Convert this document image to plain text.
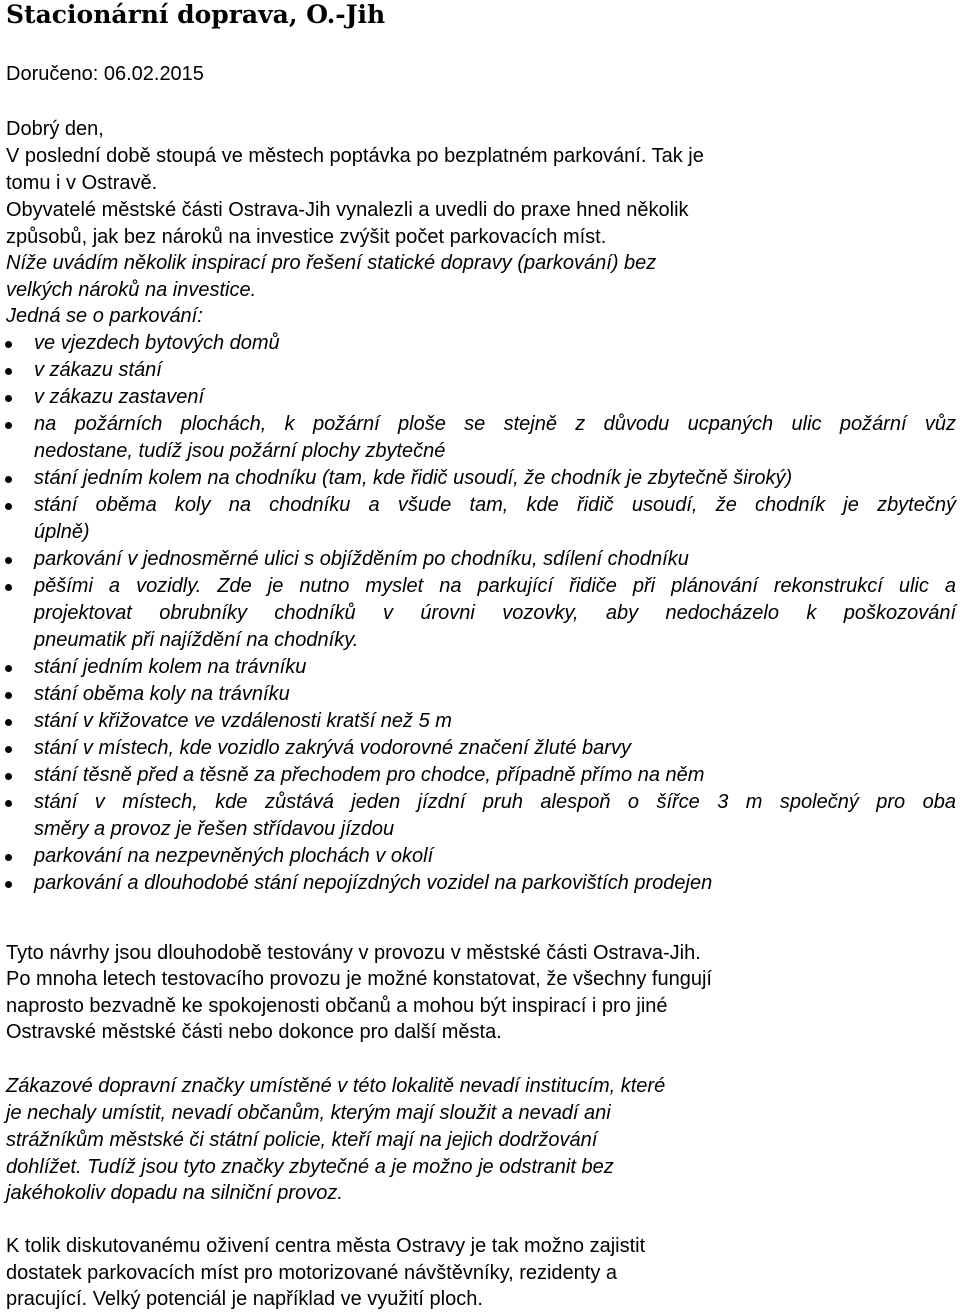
Stacionární doprava, O.-Jih

Doručeno: 06.02.2015

Dobrý den,

V poslední době stoupá ve městech poptávka po bezplatném parkování. Tak je

tomu i v Ostravě.

Obyvatelé městské části Ostrava-Jih vynalezli a uvedli do praxe hned několik

způsobů, jak bez nároků na investice zvýšit počet parkovacích míst.

Níže uvádím několik inspirací pro řešení statické dopravy (parkování) bez

velkých nároků na investice.

Jedná se o parkování:

ve vjezdech bytových domů
v zákazu stání
v zákazu zastavení
na požárních plochách, k požární ploše se stejně z důvodu ucpaných ulic požární vůz
nedostane, tudíž jsou požární plochy zbytečné
stání jedním kolem na chodníku (tam, kde řidič usoudí, že chodník je zbytečně široký)
stání oběma koly na chodníku a všude tam, kde řidič usoudí, že chodník je zbytečný
úplně)
parkování v jednosměrné ulici s objížděním po chodníku, sdílení chodníku
pěšími a vozidly. Zde je nutno myslet na parkující řidiče při plánování rekonstrukcí ulic a
projektovat obrubníky chodníků v úrovni vozovky, aby nedocházelo k poškozování
pneumatik při najíždění na chodníky.
stání jedním kolem na trávníku
stání oběma koly na trávníku
stání v křižovatce ve vzdálenosti kratší než 5 m
stání v místech, kde vozidlo zakrývá vodorovné značení žluté barvy
stání těsně před a těsně za přechodem pro chodce, případně přímo na něm
stání v místech, kde zůstává jeden jízdní pruh alespoň o šířce 3 m společný pro oba
směry a provoz je řešen střídavou jízdou
parkování na nezpevněných plochách v okolí
parkování a dlouhodobé stání nepojízdných vozidel na parkovištích prodejen

Tyto návrhy jsou dlouhodobě testovány v provozu v městské části Ostrava-Jih.

Po mnoha letech testovacího provozu je možné konstatovat, že všechny fungují

naprosto bezvadně ke spokojenosti občanů a mohou být inspirací i pro jiné

Ostravské městské části nebo dokonce pro další města.

Zákazové dopravní značky umístěné v této lokalitě nevadí institucím, které

je nechaly umístit, nevadí občanům, kterým mají sloužit a nevadí ani

strážníkům městské či státní policie, kteří mají na jejich dodržování

dohlížet. Tudíž jsou tyto značky zbytečné a je možno je odstranit bez

jakéhokoliv dopadu na silniční provoz.

K tolik diskutovanému oživení centra města Ostravy je tak možno zajistit

dostatek parkovacích míst pro motorizované návštěvníky, rezidenty a

pracující. Velký potenciál je například ve využití ploch.
